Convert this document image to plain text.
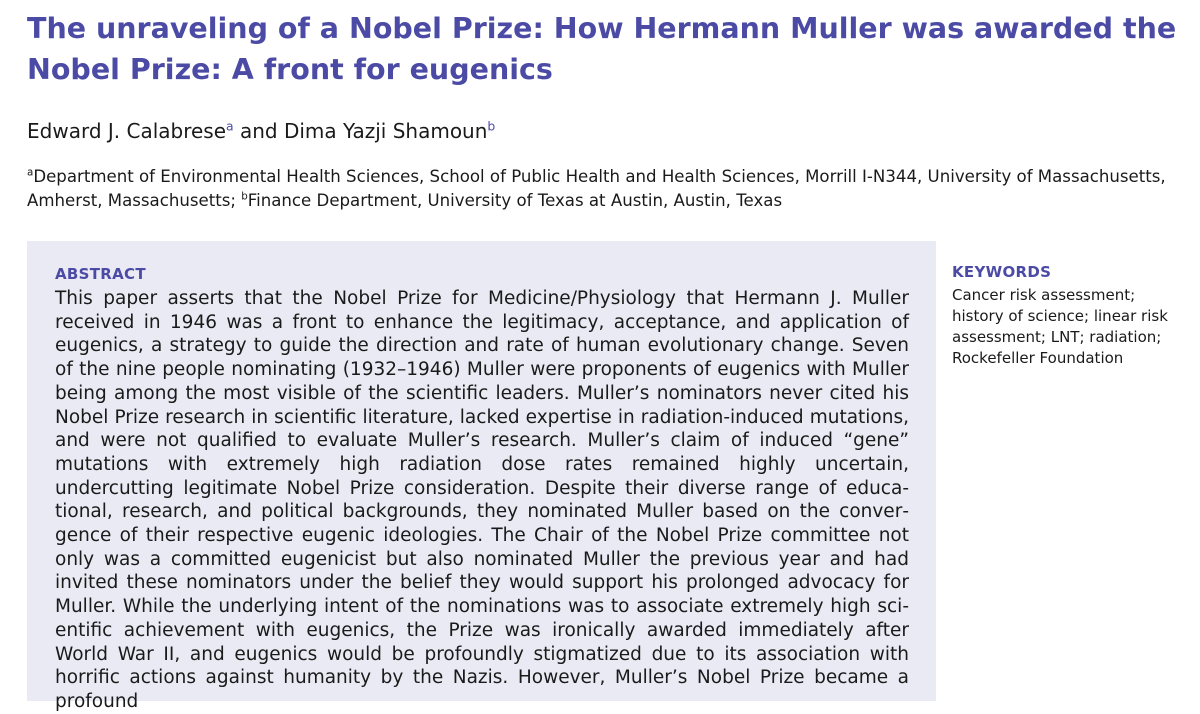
The unraveling of a Nobel Prize: How Hermann Muller was awarded the Nobel Prize: A front for eugenics
Edward J. Calabrese$^a$ and Dima Yazji Shamoun$^b$
$^a$Department of Environmental Health Sciences, School of Public Health and Health Sciences, Morrill I-N344, University of Massachusetts, Amherst, Massachusetts; $^b$Finance Department, University of Texas at Austin, Austin, Texas
ABSTRACT
This paper asserts that the Nobel Prize for Medicine/Physiology that Hermann J. Muller received in 1946 was a front to enhance the legitimacy, acceptance, and application of eugenics, a strategy to guide the direction and rate of human evolutionary change. Seven of the nine people nominating (1932–1946) Muller were proponents of eugenics with Muller being among the most visible of the scientific leaders. Muller’s nominators never cited his Nobel Prize research in scientific literature, lacked expertise in radiation-induced mutations, and were not qualified to evaluate Muller’s research. Muller’s claim of induced “gene” mutations with extremely high radiation dose rates remained highly uncertain, undercutting legitimate Nobel Prize consideration. Despite their diverse range of educational, research, and political backgrounds, they nominated Muller based on the convergence of their respective eugenic ideologies. The Chair of the Nobel Prize committee not only was a committed eugenicist but also nominated Muller the previous year and had invited these nominators under the belief they would support his prolonged advocacy for Muller. While the underlying intent of the nominations was to associate extremely high scientific achievement with eugenics, the Prize was ironically awarded immediately after World War II, and eugenics would be profoundly stigmatized due to its association with horrific actions against humanity by the Nazis. However, Muller’s Nobel Prize became a profound
KEYWORDS
Cancer risk assessment; history of science; linear risk assessment; LNT; radiation; Rockefeller Foundation
